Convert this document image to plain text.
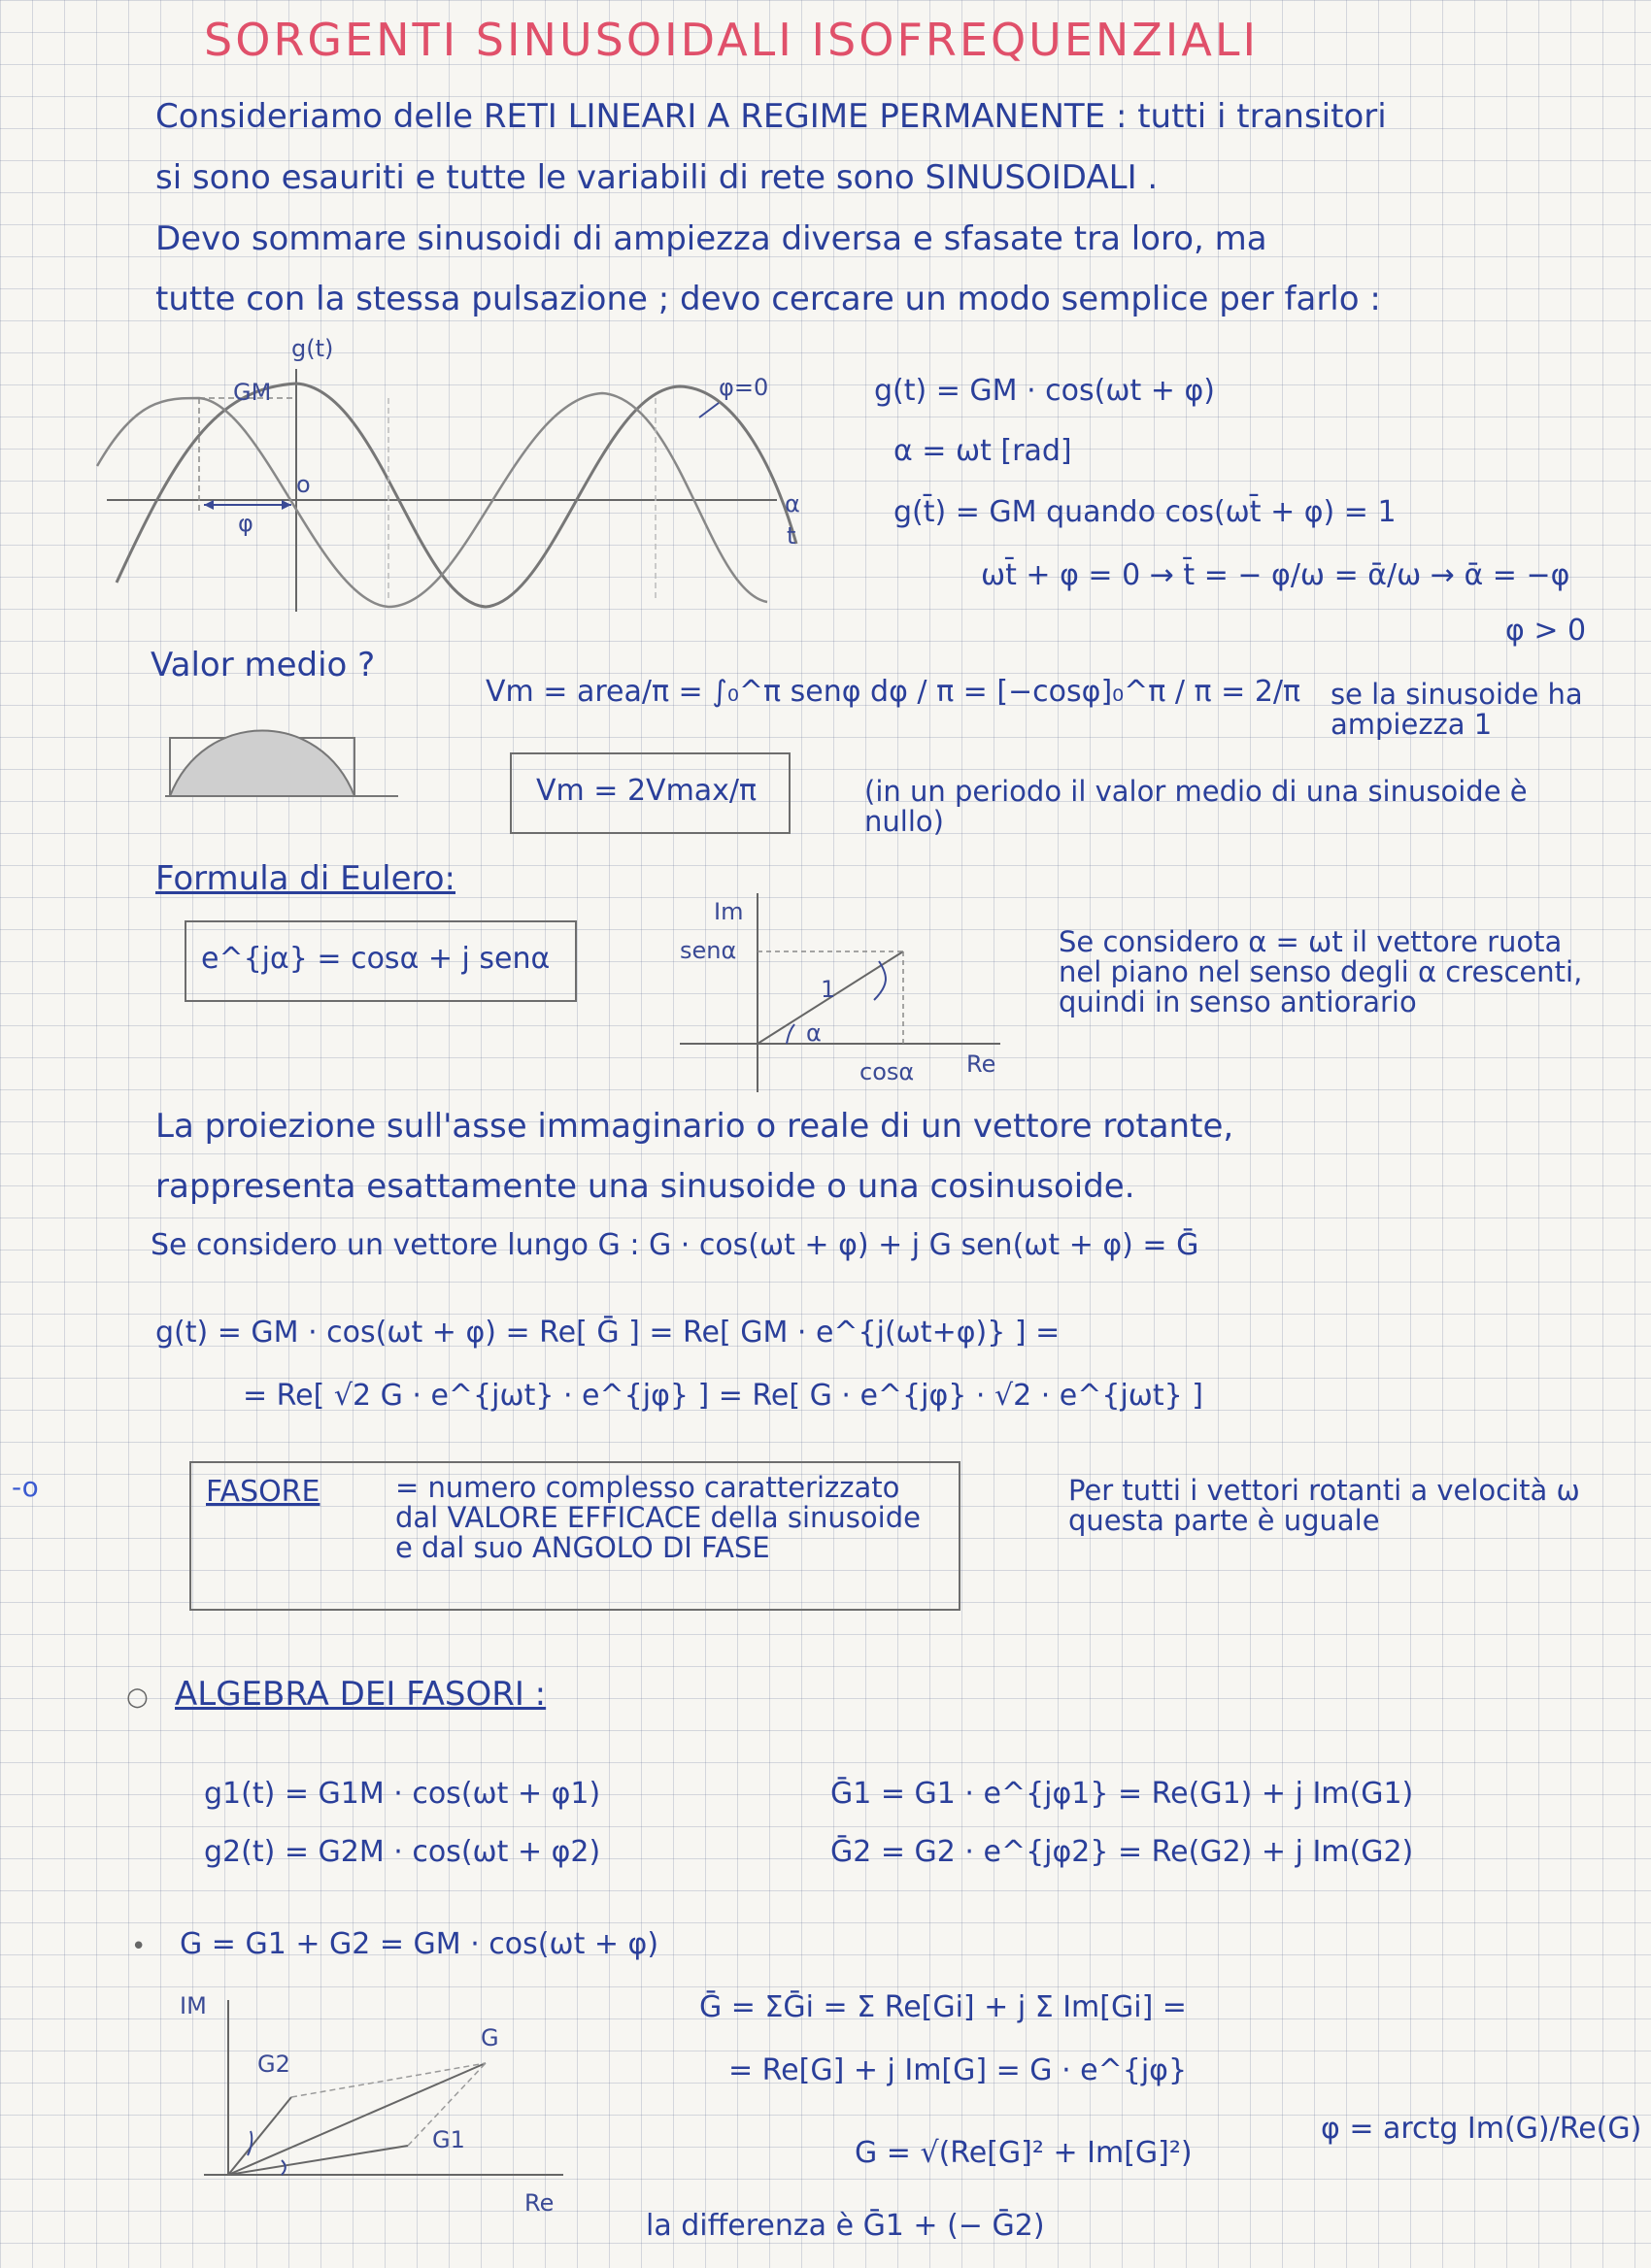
SORGENTI SINUSOIDALI ISOFREQUENZIALI
Consideriamo delle RETI LINEARI A REGIME PERMANENTE : tutti i transitori
si sono esauriti e tutte le variabili di rete sono SINUSOIDALI .
Devo sommare sinusoidi di ampiezza diversa e sfasate tra loro, ma
tutte con la stessa pulsazione ; devo cercare un modo semplice per farlo :
g(t)
GM	φ=0
o
φ
α
t
g(t) = GM · cos(ωt + φ)
α = ωt [rad]
g(t̄) = GM quando cos(ωt̄ + φ) = 1
ωt̄ + φ = 0 → t̄ = − φ/ω = ᾱ/ω → ᾱ = −φ
φ > 0
Valor medio ?
Vm = area/π = ∫₀^π senφ dφ / π = [−cosφ]₀^π / π = 2/π se la sinusoide ha ampiezza 1
Vm = 2Vmax/π	(in un periodo il valor medio di una sinusoide è nullo)
Formula di Eulero:
e^{jα} = cosα + j senα
Im
senα
1
α
cosα Re
Se considero α = ωt il vettore ruota nel piano nel senso degli α crescenti, quindi in senso antiorario
La proiezione sull'asse immaginario o reale di un vettore rotante,
rappresenta esattamente una sinusoide o una cosinusoide.
Se considero un vettore lungo G : G · cos(ωt + φ) + j G sen(ωt + φ) = Ḡ
g(t) = GM · cos(ωt + φ) = Re[ Ḡ ] = Re[ GM · e^{j(ωt+φ)} ] =
= Re[ √2 G · e^{jωt} · e^{jφ} ] = Re[ G · e^{jφ} · √2 · e^{jωt} ]
FASORE	= numero complesso caratterizzato dal VALORE EFFICACE della sinusoide e dal suo ANGOLO DI FASE
Per tutti i vettori rotanti a velocità ω questa parte è uguale
-o
○ ALGEBRA DEI FASORI :
g1(t) = G1M · cos(ωt + φ1)
g2(t) = G2M · cos(ωt + φ2)
Ḡ1 = G1 · e^{jφ1} = Re(G1) + j Im(G1)
Ḡ2 = G2 · e^{jφ2} = Re(G2) + j Im(G2)
• G = G1 + G2 = GM · cos(ωt + φ)
IM
Re
G2
G
G1
Ḡ = ΣḠi = Σ Re[Gi] + j Σ Im[Gi] =
= Re[G] + j Im[G] = G · e^{jφ}
G = √(Re[G]² + Im[G]²)
φ = arctg Im(G)/Re(G)
la differenza è Ḡ1 + (− Ḡ2)
